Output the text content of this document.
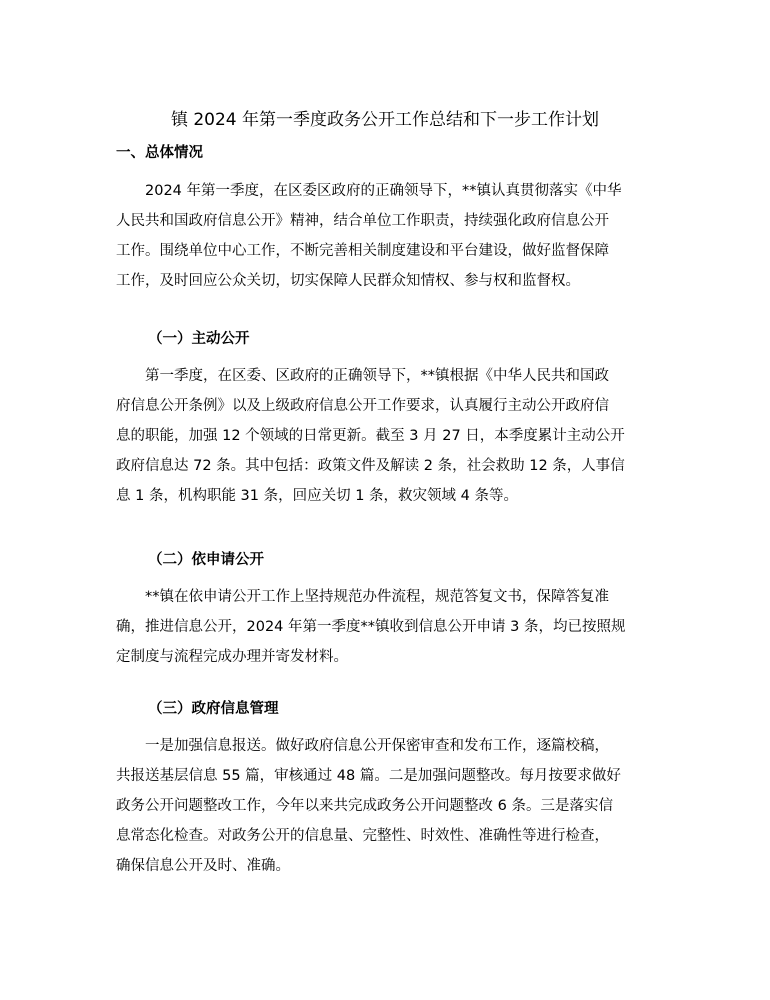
镇 2024 年第一季度政务公开工作总结和下一步工作计划
一、总体情况
2024 年第一季度，在区委区政府的正确领导下，**镇认真贯彻落实《中华
人民共和国政府信息公开》精神，结合单位工作职责，持续强化政府信息公开
工作。围绕单位中心工作，不断完善相关制度建设和平台建设，做好监督保障
工作，及时回应公众关切，切实保障人民群众知情权、参与权和监督权。
（一）主动公开
第一季度，在区委、区政府的正确领导下，**镇根据《中华人民共和国政
府信息公开条例》以及上级政府信息公开工作要求，认真履行主动公开政府信
息的职能，加强 12 个领域的日常更新。截至 3 月 27 日，本季度累计主动公开
政府信息达 72 条。其中包括：政策文件及解读 2 条，社会救助 12 条，人事信
息 1 条，机构职能 31 条，回应关切 1 条，救灾领域 4 条等。
（二）依申请公开
**镇在依申请公开工作上坚持规范办件流程，规范答复文书，保障答复准
确，推进信息公开，2024 年第一季度**镇收到信息公开申请 3 条，均已按照规
定制度与流程完成办理并寄发材料。
（三）政府信息管理
一是加强信息报送。做好政府信息公开保密审查和发布工作，逐篇校稿，
共报送基层信息 55 篇，审核通过 48 篇。二是加强问题整改。每月按要求做好
政务公开问题整改工作，今年以来共完成政务公开问题整改 6 条。三是落实信
息常态化检查。对政务公开的信息量、完整性、时效性、准确性等进行检查，
确保信息公开及时、准确。
